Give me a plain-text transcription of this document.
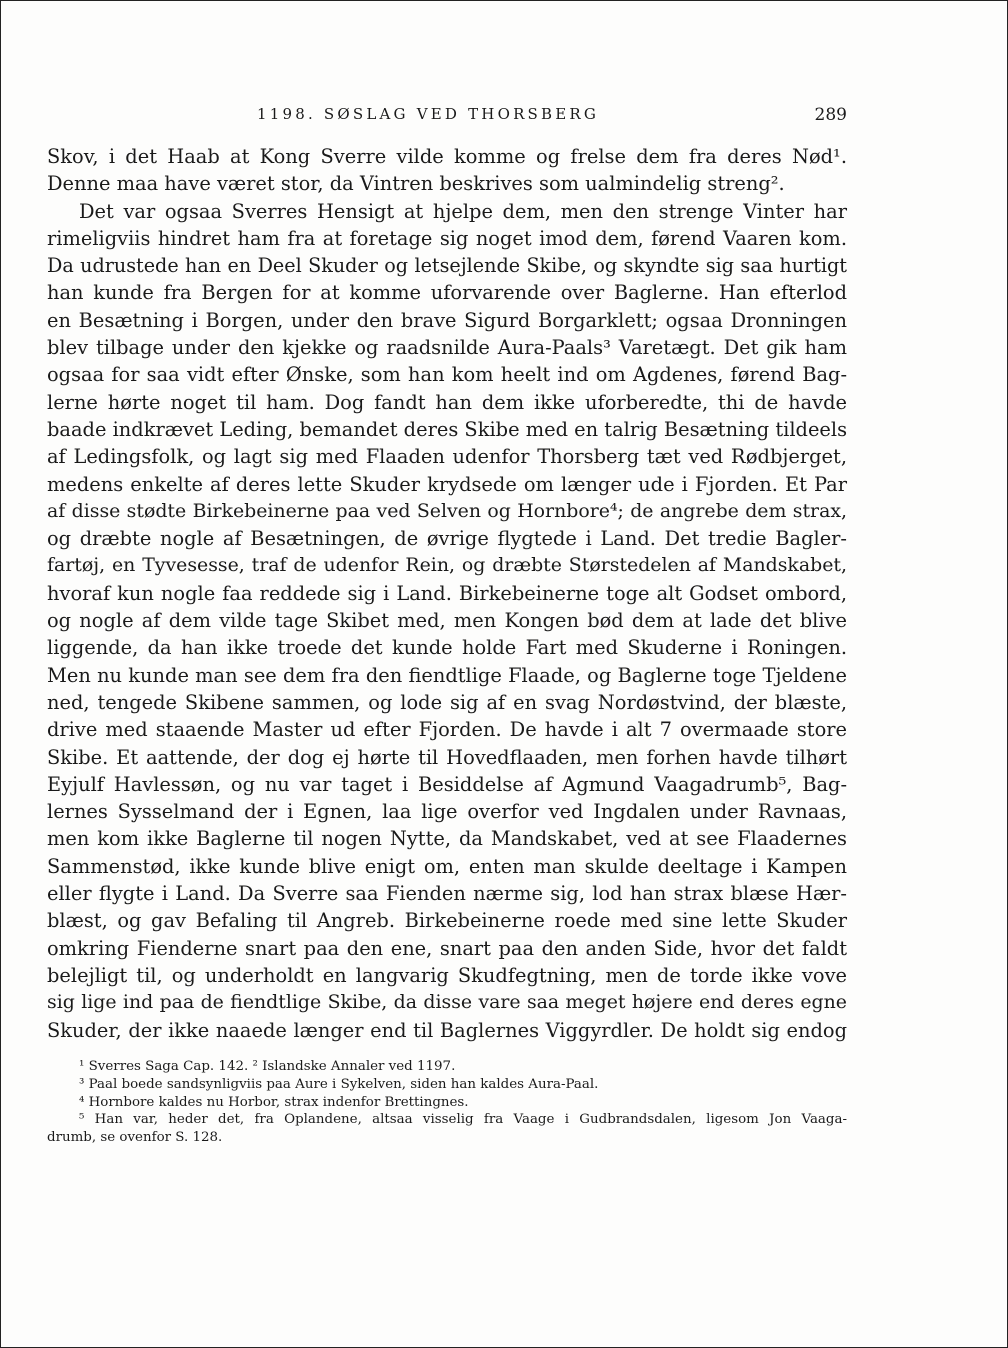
1198. SØSLAG VED THORSBERG	289
Skov, i det Haab at Kong Sverre vilde komme og frelse dem fra deres Nød¹.
Denne maa have været stor, da Vintren beskrives som ualmindelig streng².
Det var ogsaa Sverres Hensigt at hjelpe dem, men den strenge Vinter har
rimeligviis hindret ham fra at foretage sig noget imod dem, førend Vaaren kom.
Da udrustede han en Deel Skuder og letsejlende Skibe, og skyndte sig saa hurtigt
han kunde fra Bergen for at komme uforvarende over Baglerne. Han efterlod
en Besætning i Borgen, under den brave Sigurd Borgarklett; ogsaa Dronningen
blev tilbage under den kjekke og raadsnilde Aura-Paals³ Varetægt. Det gik ham
ogsaa for saa vidt efter Ønske, som han kom heelt ind om Agdenes, førend Bag-
lerne hørte noget til ham. Dog fandt han dem ikke uforberedte, thi de havde
baade indkrævet Leding, bemandet deres Skibe med en talrig Besætning tildeels
af Ledingsfolk, og lagt sig med Flaaden udenfor Thorsberg tæt ved Rødbjerget,
medens enkelte af deres lette Skuder krydsede om længer ude i Fjorden. Et Par
af disse stødte Birkebeinerne paa ved Selven og Hornbore⁴; de angrebe dem strax,
og dræbte nogle af Besætningen, de øvrige flygtede i Land. Det tredie Bagler-
fartøj, en Tyvesesse, traf de udenfor Rein, og dræbte Størstedelen af Mandskabet,
hvoraf kun nogle faa reddede sig i Land. Birkebeinerne toge alt Godset ombord,
og nogle af dem vilde tage Skibet med, men Kongen bød dem at lade det blive
liggende, da han ikke troede det kunde holde Fart med Skuderne i Roningen.
Men nu kunde man see dem fra den fiendtlige Flaade, og Baglerne toge Tjeldene
ned, tengede Skibene sammen, og lode sig af en svag Nordøstvind, der blæste,
drive med staaende Master ud efter Fjorden. De havde i alt 7 overmaade store
Skibe. Et aattende, der dog ej hørte til Hovedflaaden, men forhen havde tilhørt
Eyjulf Havlessøn, og nu var taget i Besiddelse af Agmund Vaagadrumb⁵, Bag-
lernes Sysselmand der i Egnen, laa lige overfor ved Ingdalen under Ravnaas,
men kom ikke Baglerne til nogen Nytte, da Mandskabet, ved at see Flaadernes
Sammenstød, ikke kunde blive enigt om, enten man skulde deeltage i Kampen
eller flygte i Land. Da Sverre saa Fienden nærme sig, lod han strax blæse Hær-
blæst, og gav Befaling til Angreb. Birkebeinerne roede med sine lette Skuder
omkring Fienderne snart paa den ene, snart paa den anden Side, hvor det faldt
belejligt til, og underholdt en langvarig Skudfegtning, men de torde ikke vove
sig lige ind paa de fiendtlige Skibe, da disse vare saa meget højere end deres egne
Skuder, der ikke naaede længer end til Baglernes Viggyrdler. De holdt sig endog
¹ Sverres Saga Cap. 142. ² Islandske Annaler ved 1197.
³ Paal boede sandsynligviis paa Aure i Sykelven, siden han kaldes Aura-Paal.
⁴ Hornbore kaldes nu Horbor, strax indenfor Brettingnes.
⁵ Han var, heder det, fra Oplandene, altsaa visselig fra Vaage i Gudbrandsdalen, ligesom Jon Vaaga-
drumb, se ovenfor S. 128.
